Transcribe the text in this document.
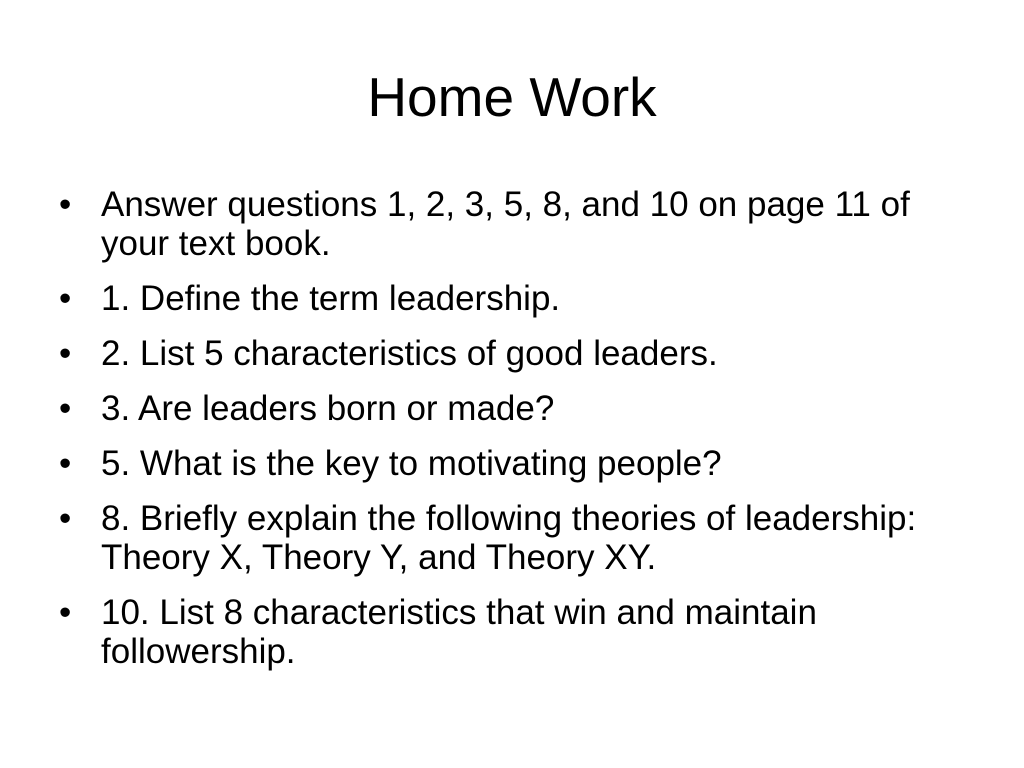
Home Work
• Answer questions 1, 2, 3, 5, 8, and 10 on page 11 of your text book.
• 1. Define the term leadership.
• 2. List 5 characteristics of good leaders.
• 3. Are leaders born or made?
• 5. What is the key to motivating people?
• 8. Briefly explain the following theories of leadership: Theory X, Theory Y, and Theory XY.
• 10. List 8 characteristics that win and maintain followership.
